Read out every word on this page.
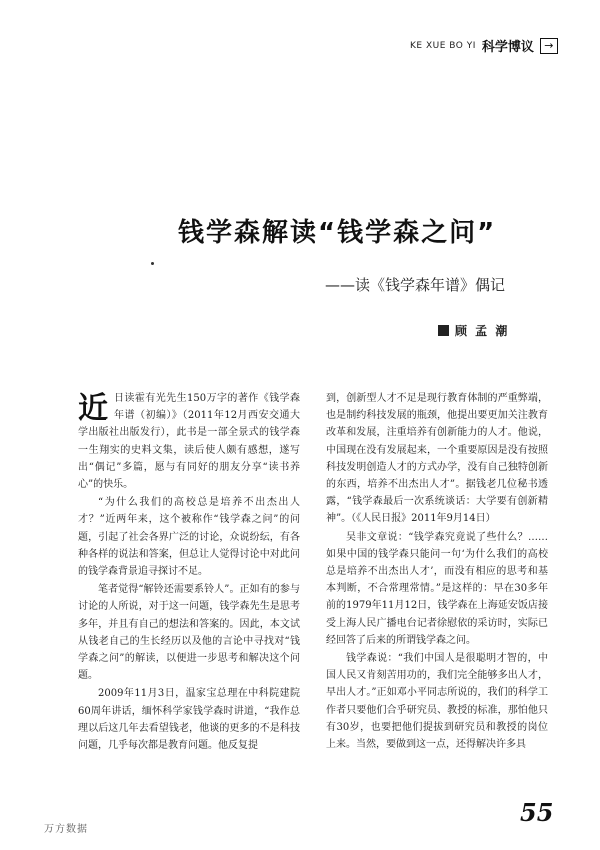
KE XUE BO YI 科学博议 →
钱学森解读“钱学森之问”
——读《钱学森年谱》偶记
顾 孟 潮

近 日读霍有光先生150万字的著作《钱学森年谱（初编）》（2011年12月西安交通大学出版社出版发行），此书是一部全景式的钱学森一生翔实的史料文集，读后使人颇有感想，遂写出“偶记”多篇，愿与有同好的朋友分享“读书养心”的快乐。

“为什么我们的高校总是培养不出杰出人才？”近两年来，这个被称作“钱学森之问”的问题，引起了社会各界广泛的讨论，众说纷纭，有各种各样的说法和答案，但总让人觉得讨论中对此问的钱学森背景追寻探讨不足。

笔者觉得“解铃还需要系铃人”。正如有的参与讨论的人所说，对于这一问题，钱学森先生是思考多年，并且有自己的想法和答案的。因此，本文试从钱老自己的生长经历以及他的言论中寻找对“钱学森之问”的解读，以便进一步思考和解决这个问题。

2009年11月3日，温家宝总理在中科院建院60周年讲话，缅怀科学家钱学森时讲道，“我作总理以后这几年去看望钱老，他谈的更多的不是科技问题，几乎每次都是教育问题。他反复提

到，创新型人才不足是现行教育体制的严重弊端，也是制约科技发展的瓶颈，他提出要更加关注教育改革和发展，注重培养有创新能力的人才。他说，中国现在没有发展起来，一个重要原因是没有按照科技发明创造人才的方式办学，没有自己独特创新的东西，培养不出杰出人才”。据钱老几位秘书透露，“钱学森最后一次系统谈话：大学要有创新精神”。（《人民日报》2011年9月14日）

吴非文章说：“钱学森究竟说了些什么？……如果中国的钱学森只能问一句‘为什么我们的高校总是培养不出杰出人才’，而没有相应的思考和基本判断，不合常理常情。”是这样的：早在30多年前的1979年11月12日，钱学森在上海延安饭店接受上海人民广播电台记者徐慰依的采访时，实际已经回答了后来的所谓钱学森之问。

钱学森说：“我们中国人是很聪明才智的，中国人民又肯刻苦用功的，我们完全能够多出人才，早出人才。”正如邓小平同志所说的，我们的科学工作者只要他们合乎研究员、教授的标准，那怕他只有30岁，也要把他们提拔到研究员和教授的岗位上来。当然，要做到这一点，还得解决许多具

55
万方数据
